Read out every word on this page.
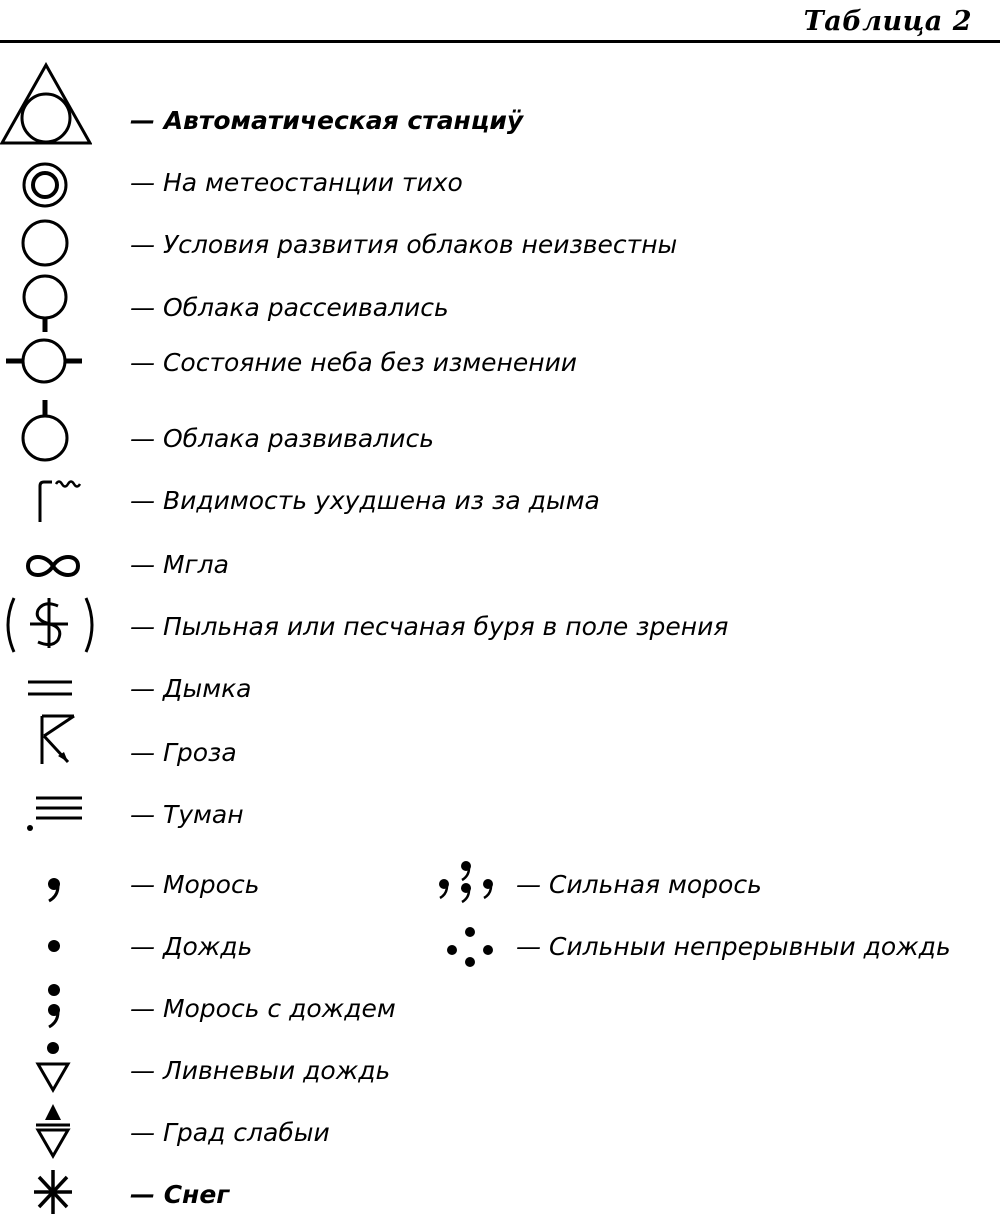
Таблица 2
— Автоматическая станциÿ
— На метеостанции тихо
— Условия развития облаков неизвестны
— Облака рассеивались
— Состояние неба без изменении
— Облака развивались
— Видимость ухудшена из за дыма
— Мгла
— Пыльная или песчаная буря в поле зрения
— Дымка
— Гроза
— Туман
— Морось	— Сильная морось
— Дождь	— Сильныи непрерывныи дождь
— Морось с дождем
— Ливневыи дождь
— Град слабыи
— Снег
